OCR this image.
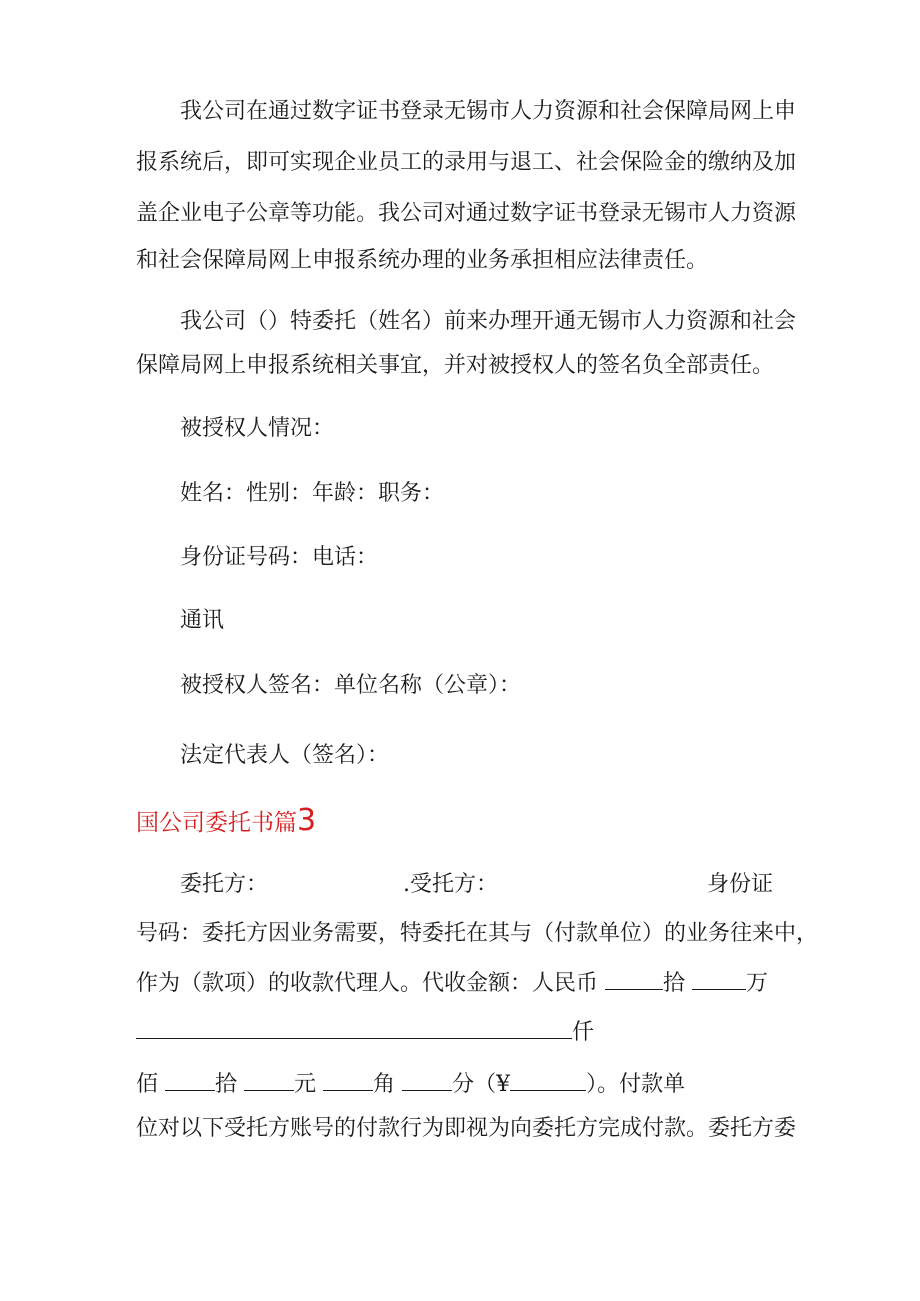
我公司在通过数字证书登录无锡市人力资源和社会保障局网上申
报系统后，即可实现企业员工的录用与退工、社会保险金的缴纳及加
盖企业电子公章等功能。我公司对通过数字证书登录无锡市人力资源
和社会保障局网上申报系统办理的业务承担相应法律责任。
我公司（）特委托（姓名）前来办理开通无锡市人力资源和社会
保障局网上申报系统相关事宜，并对被授权人的签名负全部责任。
被授权人情况：
姓名：性别：年龄：职务：
身份证号码：电话：
通讯
被授权人签名：单位名称（公章）：
法定代表人（签名）：
国公司委托书篇3
委托方：	.受托方：	身份证
号码：委托方因业务需要，特委托在其与（付款单位）的业务往来中，
作为（款项）的收款代理人。代收金额：人民币	拾	万
仟
佰	拾	元	角	分（¥	）。付款单
位对以下受托方账号的付款行为即视为向委托方完成付款。委托方委
